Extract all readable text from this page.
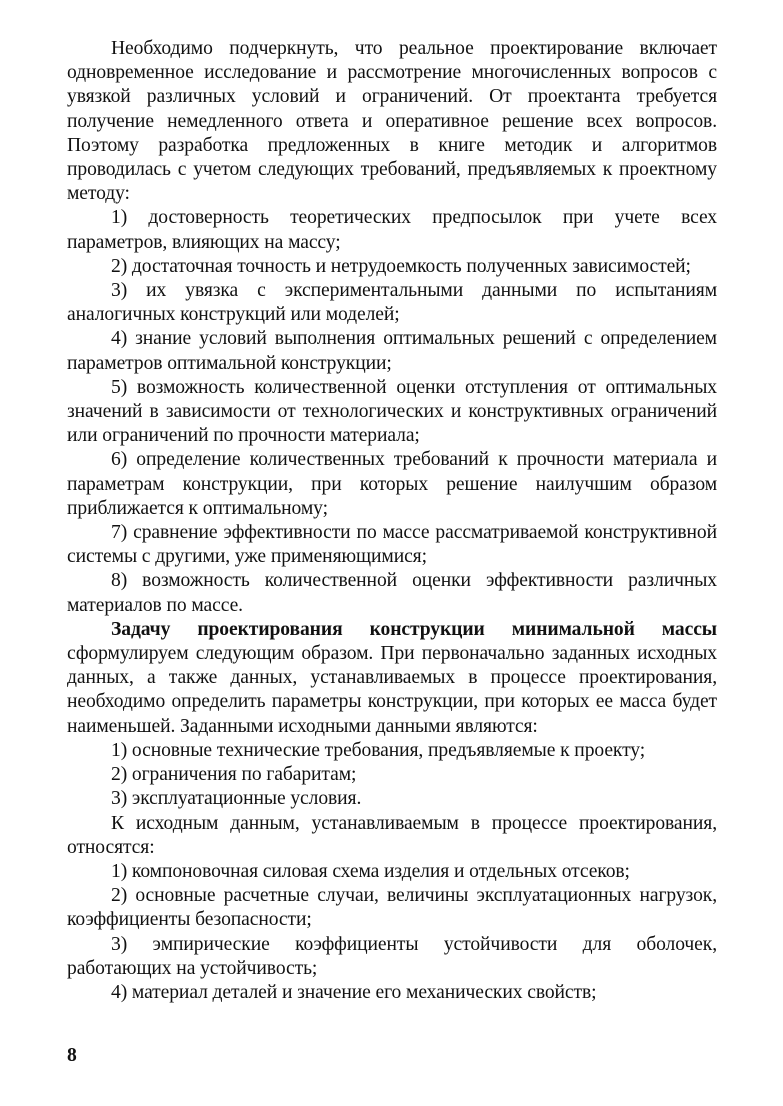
Необходимо подчеркнуть, что реальное проектирование включает одновременное исследование и рассмотрение многочисленных вопросов с увязкой различных условий и ограничений. От проектанта требуется получение немедленного ответа и оперативное решение всех вопросов. Поэтому разработка предложенных в книге методик и алгоритмов проводилась с учетом следующих требований, предъявляемых к проектному методу:

1) достоверность теоретических предпосылок при учете всех параметров, влияющих на массу;

2) достаточная точность и нетрудоемкость полученных зависимостей;

3) их увязка с экспериментальными данными по испытаниям аналогичных конструкций или моделей;

4) знание условий выполнения оптимальных решений с определением параметров оптимальной конструкции;

5) возможность количественной оценки отступления от оптимальных значений в зависимости от технологических и конструктивных ограничений или ограничений по прочности материала;

6) определение количественных требований к прочности материала и параметрам конструкции, при которых решение наилучшим образом приближается к оптимальному;

7) сравнение эффективности по массе рассматриваемой конструктивной системы с другими, уже применяющимися;

8) возможность количественной оценки эффективности различных материалов по массе.

Задачу проектирования конструкции минимальной массы сформулируем следующим образом. При первоначально заданных исходных данных, а также данных, устанавливаемых в процессе проектирования, необходимо определить параметры конструкции, при которых ее масса будет наименьшей. Заданными исходными данными являются:

1) основные технические требования, предъявляемые к проекту;

2) ограничения по габаритам;

3) эксплуатационные условия.

К исходным данным, устанавливаемым в процессе проектирования, относятся:

1) компоновочная силовая схема изделия и отдельных отсеков;

2) основные расчетные случаи, величины эксплуатационных нагрузок, коэффициенты безопасности;

3) эмпирические коэффициенты устойчивости для оболочек, работающих на устойчивость;

4) материал деталей и значение его механических свойств;

8
